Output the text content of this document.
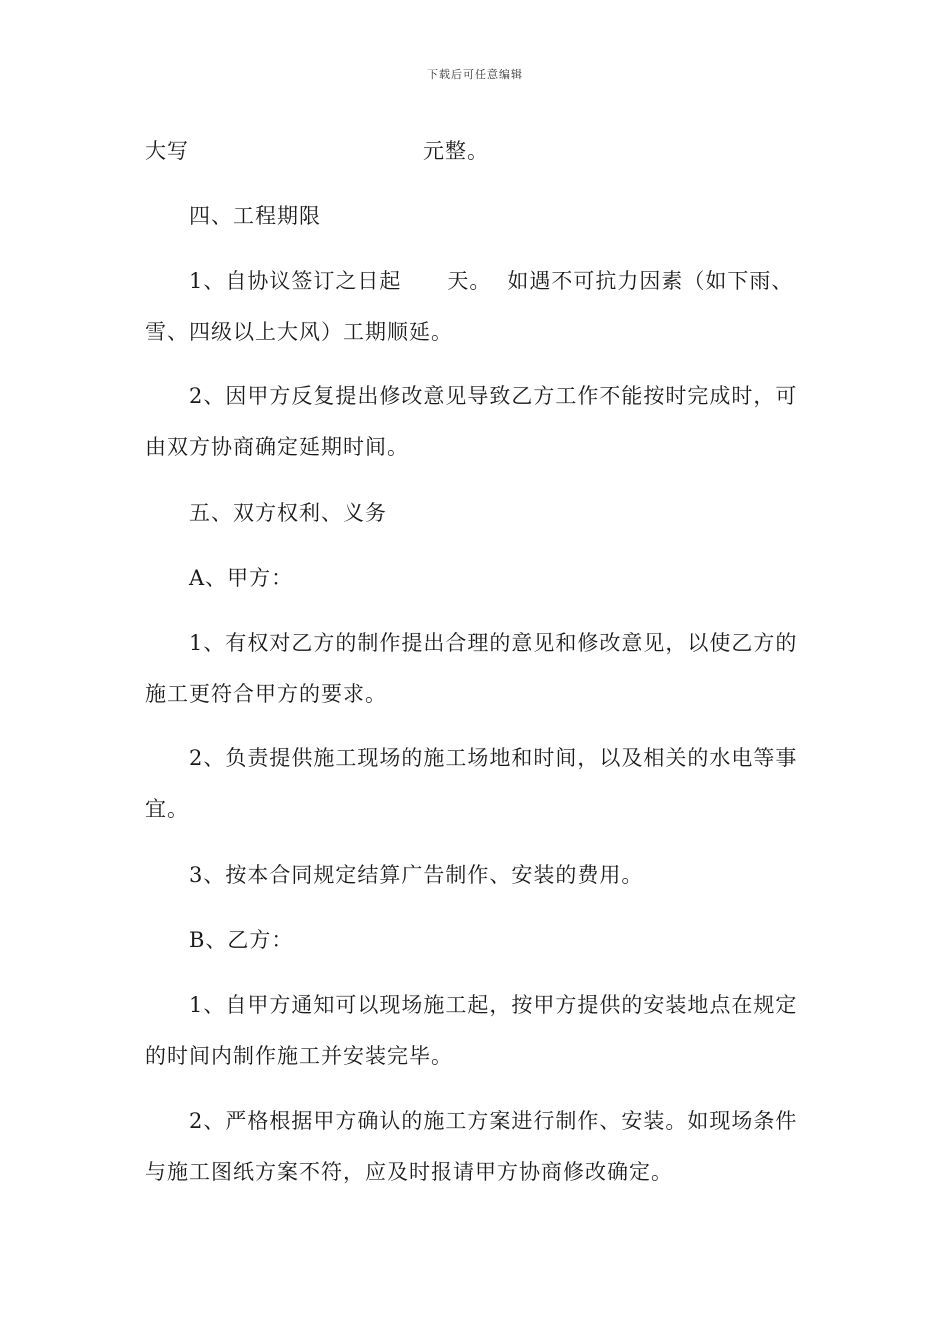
下载后可任意编辑
大写	元整。
四、工程期限
1、自协议签订之日起 天。 如遇不可抗力因素（如下雨、
雪、四级以上大风）工期顺延。
2、因甲方反复提出修改意见导致乙方工作不能按时完成时，可
由双方协商确定延期时间。
五、双方权利、义务
A、甲方：
1、有权对乙方的制作提出合理的意见和修改意见，以使乙方的
施工更符合甲方的要求。
2、负责提供施工现场的施工场地和时间，以及相关的水电等事
宜。
3、按本合同规定结算广告制作、安装的费用。
B、乙方：
1、自甲方通知可以现场施工起，按甲方提供的安装地点在规定
的时间内制作施工并安装完毕。
2、严格根据甲方确认的施工方案进行制作、安装。如现场条件
与施工图纸方案不符，应及时报请甲方协商修改确定。
